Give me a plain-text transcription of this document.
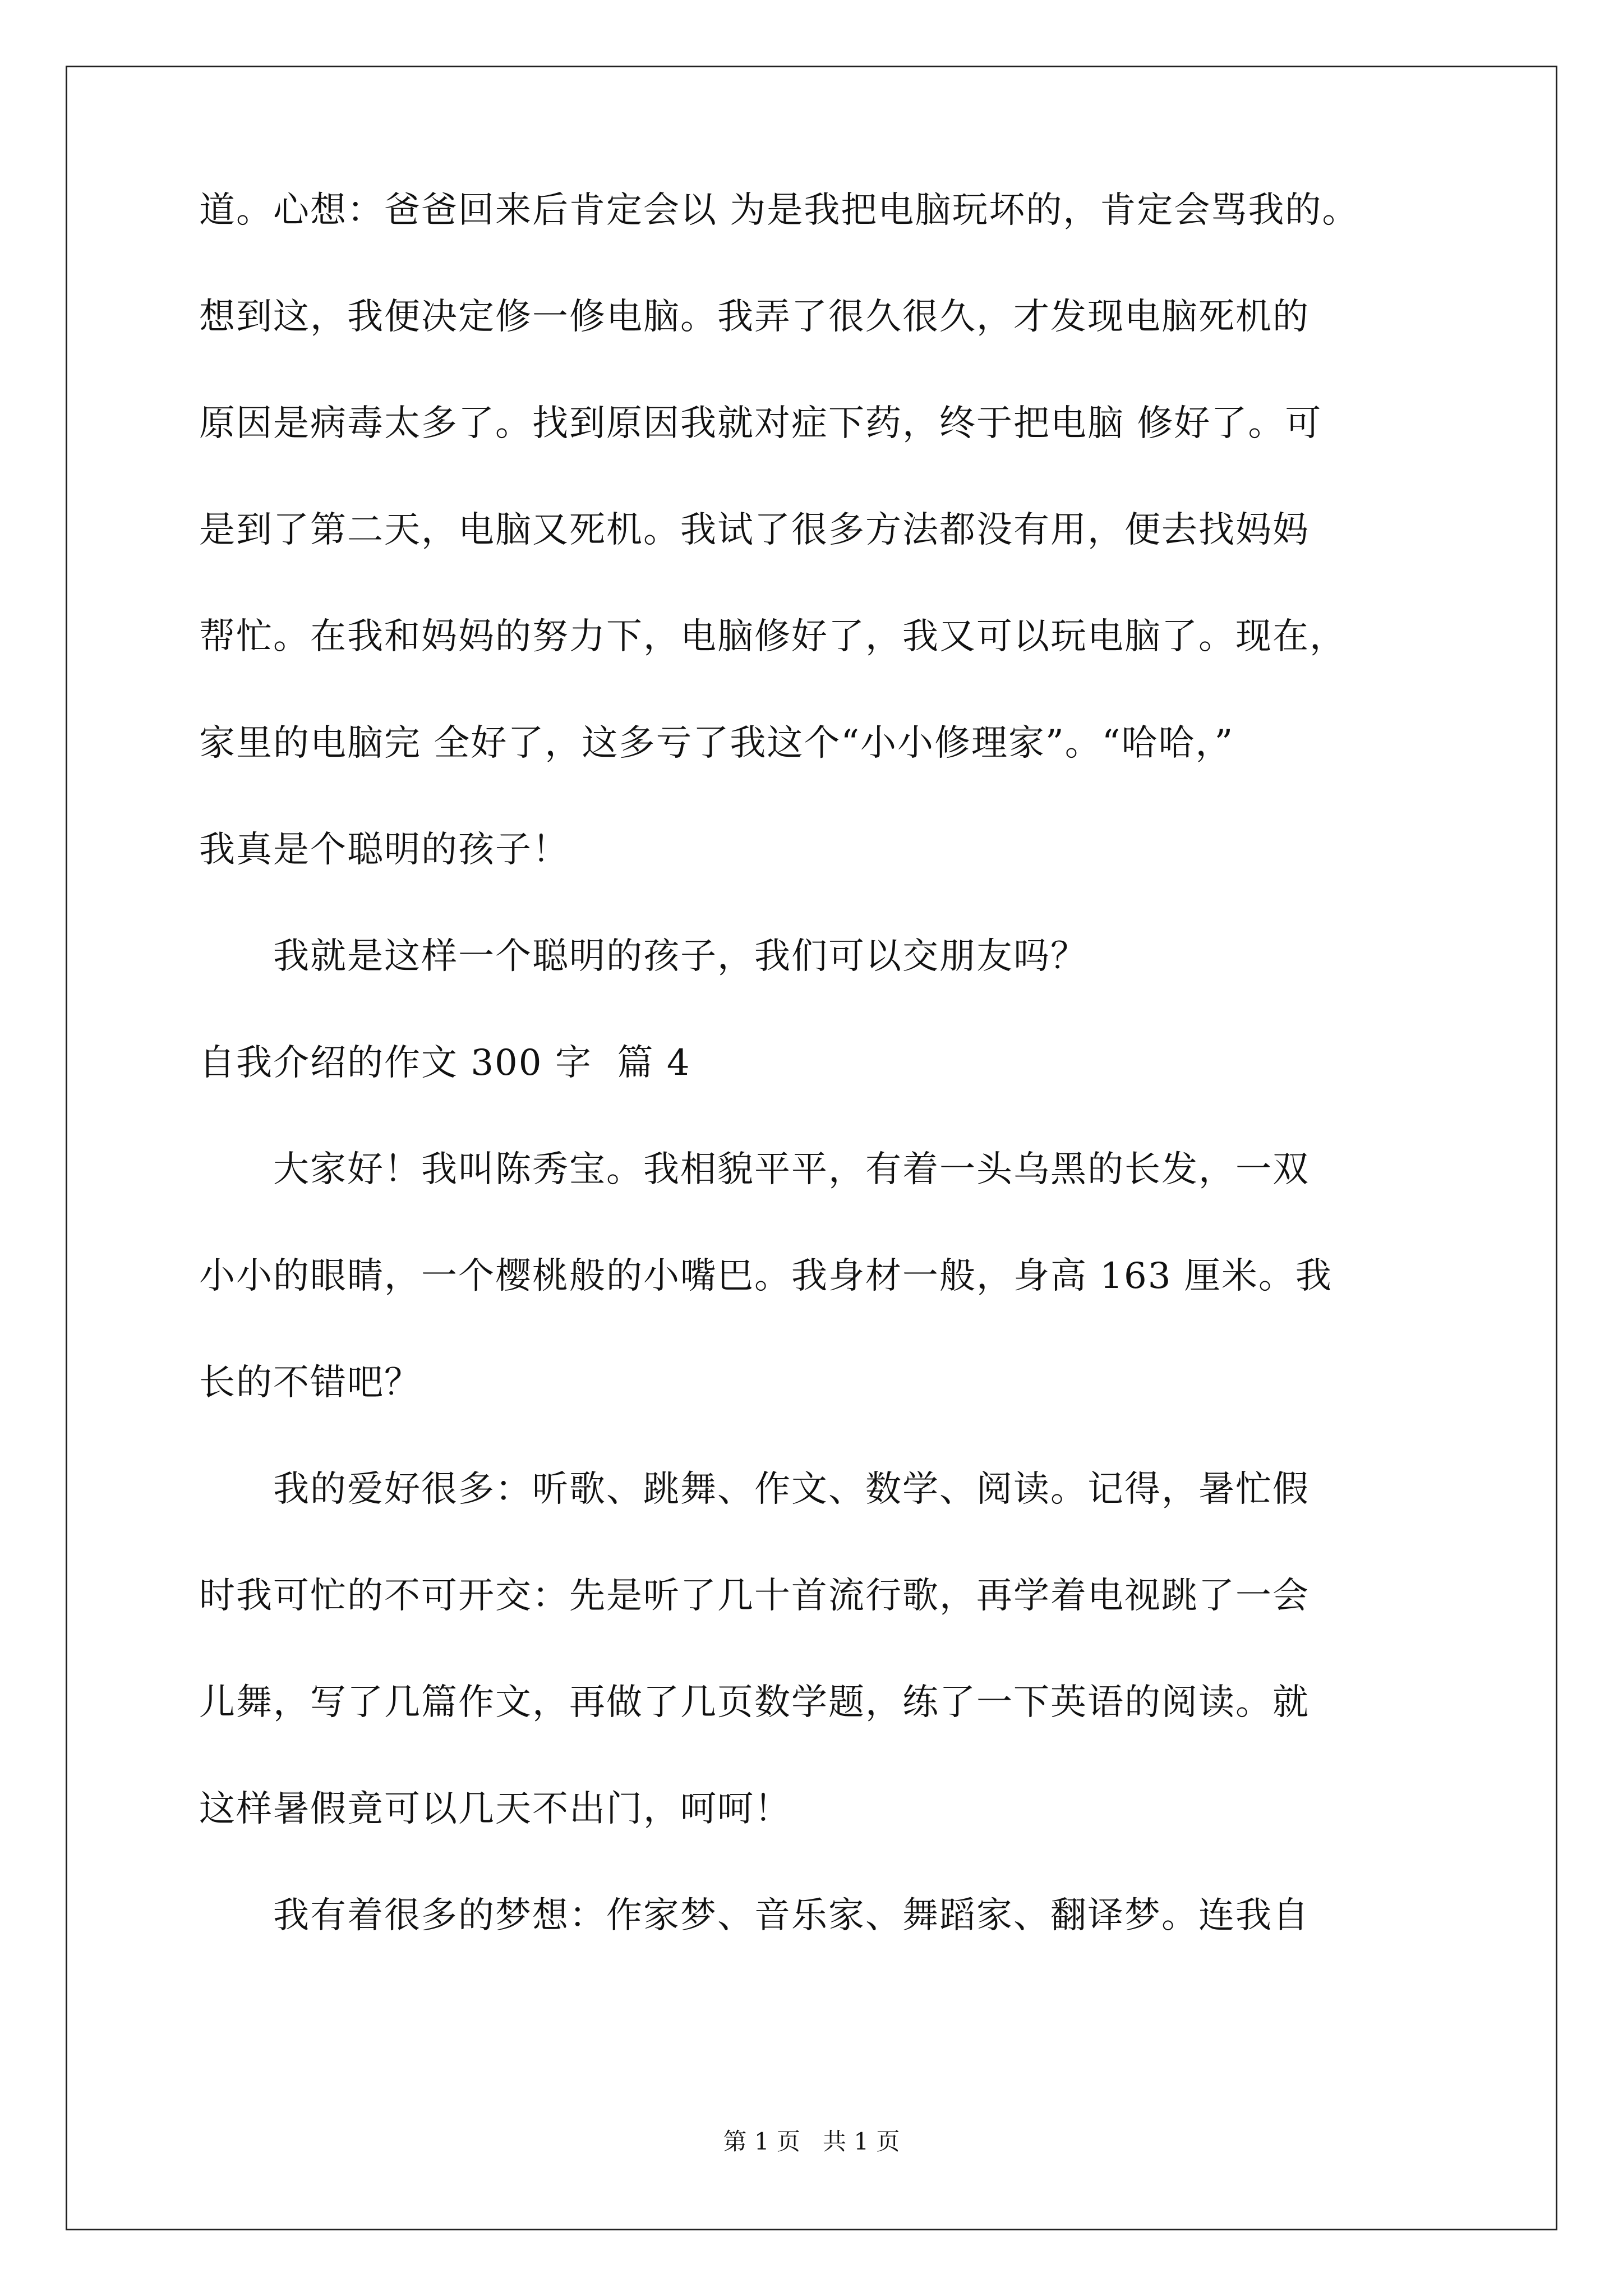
道。心想：爸爸回来后肯定会以 为是我把电脑玩坏的，肯定会骂我的。
想到这，我便决定修一修电脑。我弄了很久很久，才发现电脑死机的
原因是病毒太多了。找到原因我就对症下药，终于把电脑 修好了。可
是到了第二天，电脑又死机。我试了很多方法都没有用，便去找妈妈
帮忙。在我和妈妈的努力下，电脑修好了，我又可以玩电脑了。现在，
家里的电脑完 全好了，这多亏了我这个“小小修理家”。“哈哈，”
我真是个聪明的孩子！
　　我就是这样一个聪明的孩子，我们可以交朋友吗？
自我介绍的作文 300 字  篇 4
　　大家好！我叫陈秀宝。我相貌平平，有着一头乌黑的长发，一双
小小的眼睛，一个樱桃般的小嘴巴。我身材一般，身高 163 厘米。我
长的不错吧？
　　我的爱好很多：听歌、跳舞、作文、数学、阅读。记得，暑忙假
时我可忙的不可开交：先是听了几十首流行歌，再学着电视跳了一会
儿舞，写了几篇作文，再做了几页数学题，练了一下英语的阅读。就
这样暑假竟可以几天不出门，呵呵！
　　我有着很多的梦想：作家梦、音乐家、舞蹈家、翻译梦。连我自
第 1 页   共 1 页
